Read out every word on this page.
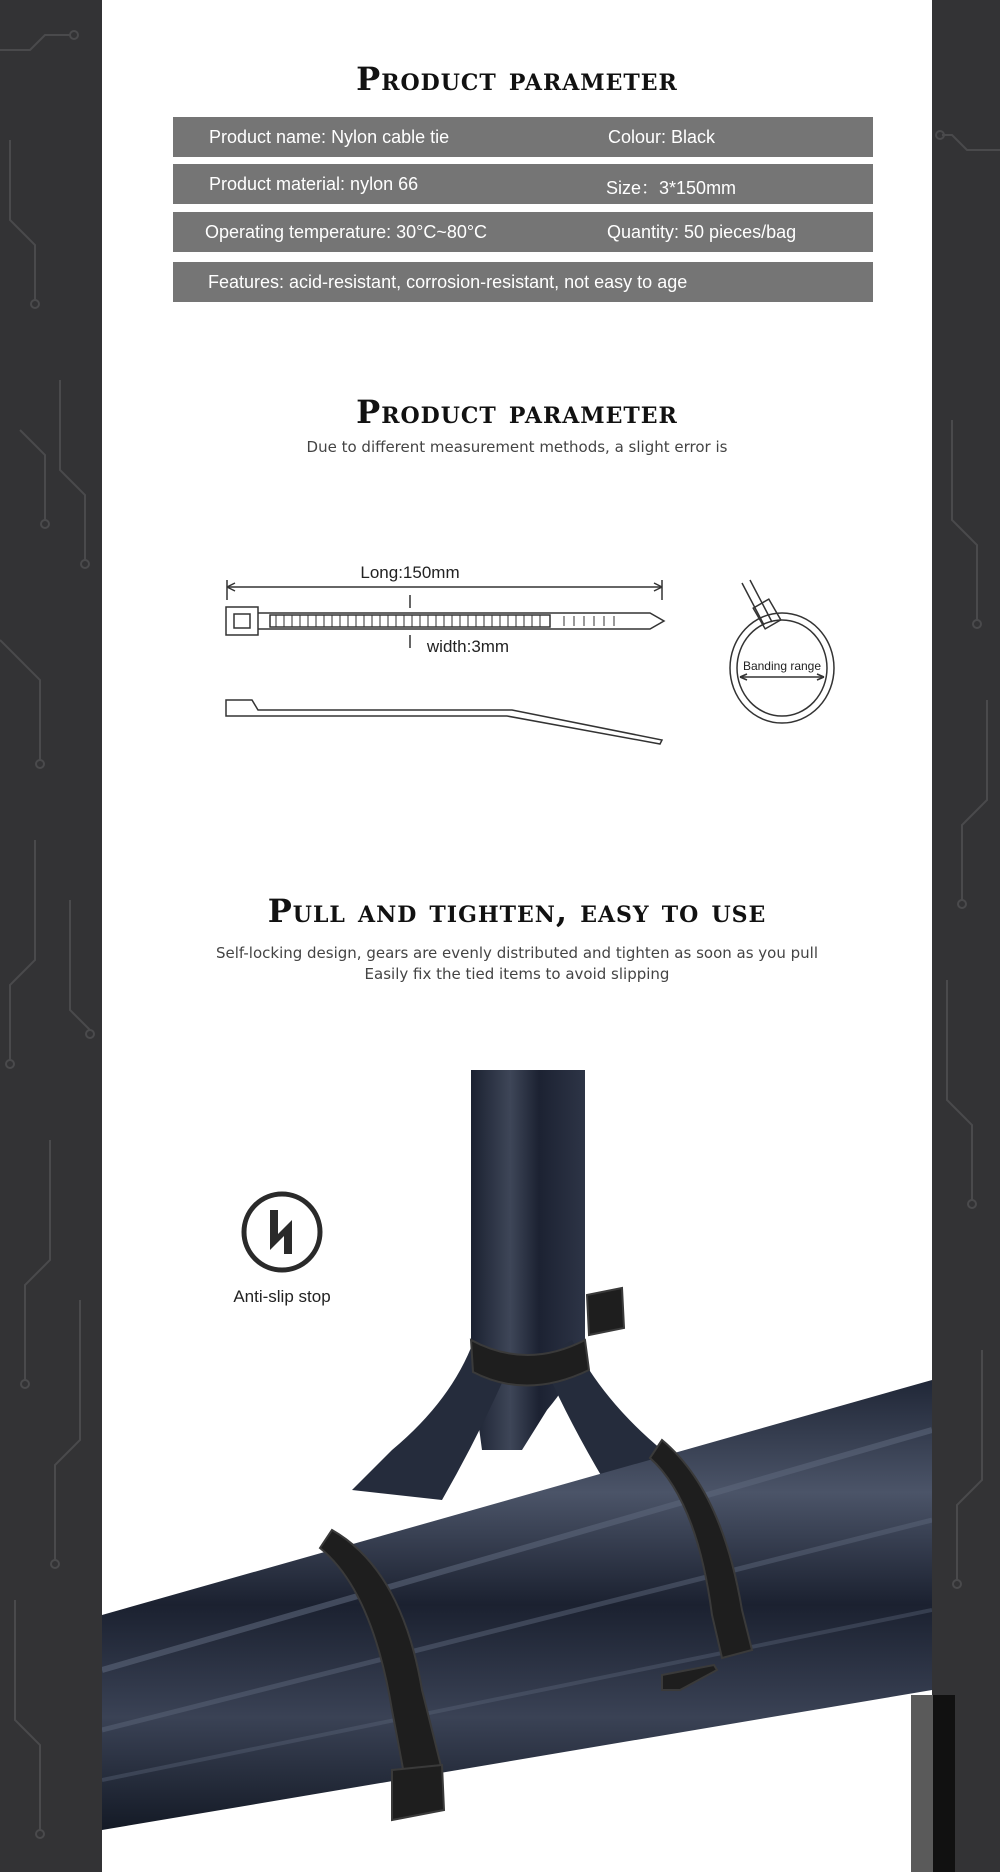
Product parameter
Product name: Nylon cable tie	Colour: Black
Product material: nylon 66	Size：3*150mm
Operating temperature: 30°C~80°C	Quantity: 50 pieces/bag
Features: acid-resistant, corrosion-resistant, not easy to age
Product parameter
Due to different measurement methods, a slight error is
Long:150mm
width:3mm
Banding range
Pull and tighten, easy to use
Self-locking design, gears are evenly distributed and tighten as soon as you pull
Easily fix the tied items to avoid slipping
Anti-slip stop
